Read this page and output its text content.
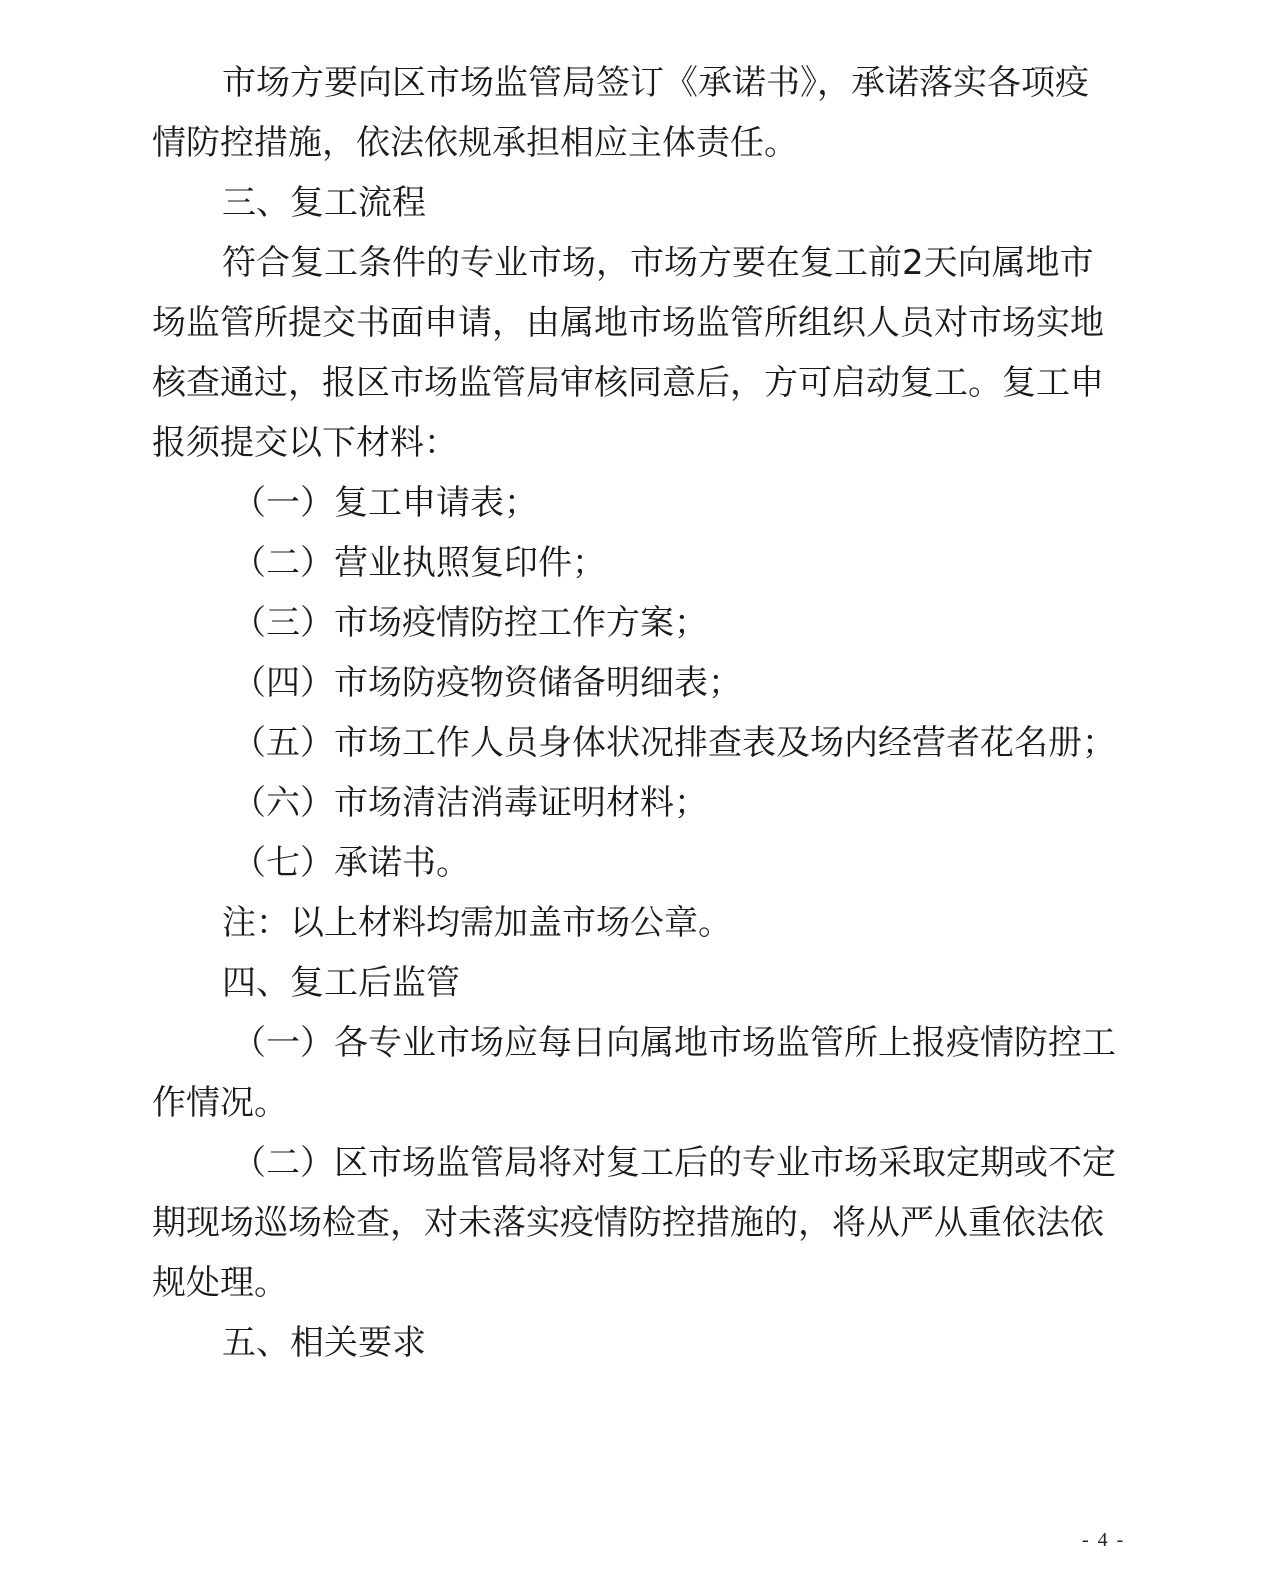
市场方要向区市场监管局签订《承诺书》，承诺落实各项疫
情防控措施，依法依规承担相应主体责任。
三、复工流程
符合复工条件的专业市场，市场方要在复工前2天向属地市
场监管所提交书面申请，由属地市场监管所组织人员对市场实地
核查通过，报区市场监管局审核同意后，方可启动复工。复工申
报须提交以下材料：
（一）复工申请表；
（二）营业执照复印件；
（三）市场疫情防控工作方案；
（四）市场防疫物资储备明细表；
（五）市场工作人员身体状况排查表及场内经营者花名册；
（六）市场清洁消毒证明材料；
（七）承诺书。
注：以上材料均需加盖市场公章。
四、复工后监管
（一）各专业市场应每日向属地市场监管所上报疫情防控工
作情况。
（二）区市场监管局将对复工后的专业市场采取定期或不定
期现场巡场检查，对未落实疫情防控措施的，将从严从重依法依
规处理。
五、相关要求
- 4 -
